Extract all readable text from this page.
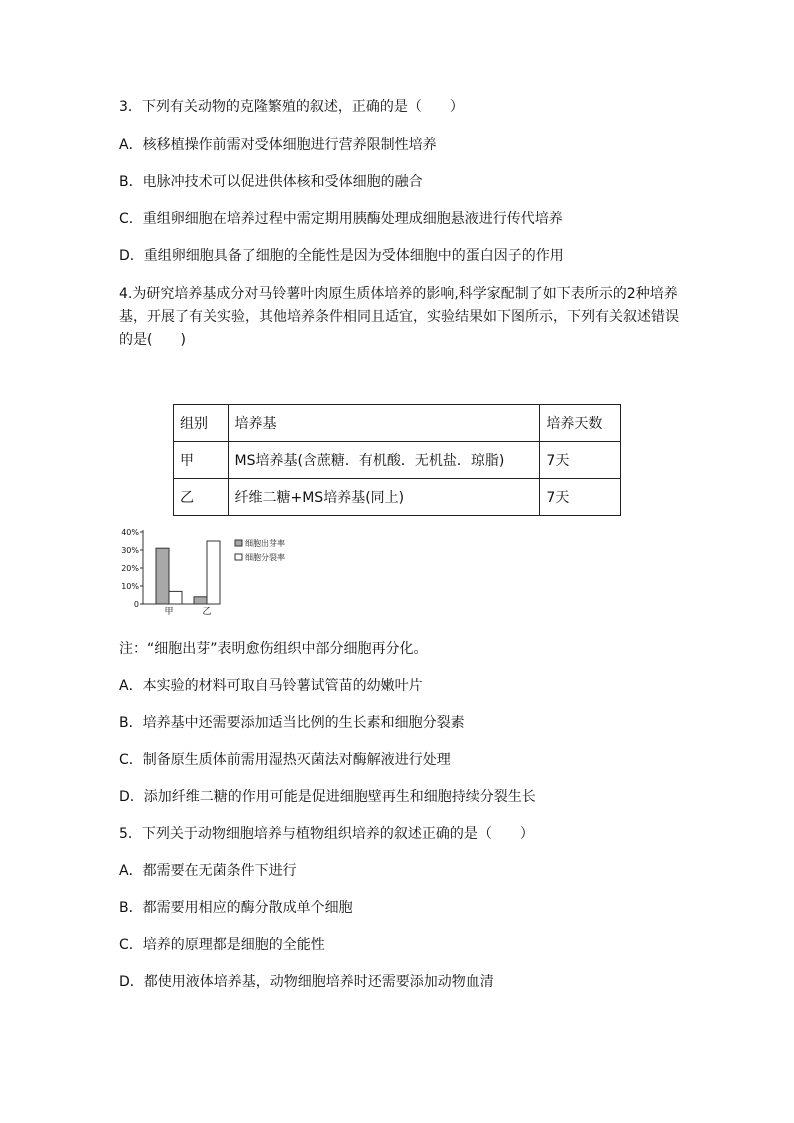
3．下列有关动物的克隆繁殖的叙述，正确的是（　　）
A．核移植操作前需对受体细胞进行营养限制性培养
B．电脉冲技术可以促进供体核和受体细胞的融合
C．重组卵细胞在培养过程中需定期用胰酶处理成细胞悬液进行传代培养
D．重组卵细胞具备了细胞的全能性是因为受体细胞中的蛋白因子的作用
4.为研究培养基成分对马铃薯叶肉原生质体培养的影响,科学家配制了如下表所示的2种培养基，开展了有关实验，其他培养条件相同且适宜，实验结果如下图所示，下列有关叙述错误的是(　　)
组别	培养基	培养天数
甲	MS培养基(含蔗糖．有机酸．无机盐．琼脂)	7天
乙	纤维二糖+MS培养基(同上)	7天
0
10%
20%
30%
40%
甲	乙
细胞出芽率
细胞分裂率
注：“细胞出芽”表明愈伤组织中部分细胞再分化。
A．本实验的材料可取自马铃薯试管苗的幼嫩叶片
B．培养基中还需要添加适当比例的生长素和细胞分裂素
C．制备原生质体前需用湿热灭菌法对酶解液进行处理
D．添加纤维二糖的作用可能是促进细胞壁再生和细胞持续分裂生长
5．下列关于动物细胞培养与植物组织培养的叙述正确的是（　　）
A．都需要在无菌条件下进行
B．都需要用相应的酶分散成单个细胞
C．培养的原理都是细胞的全能性
D．都使用液体培养基，动物细胞培养时还需要添加动物血清
